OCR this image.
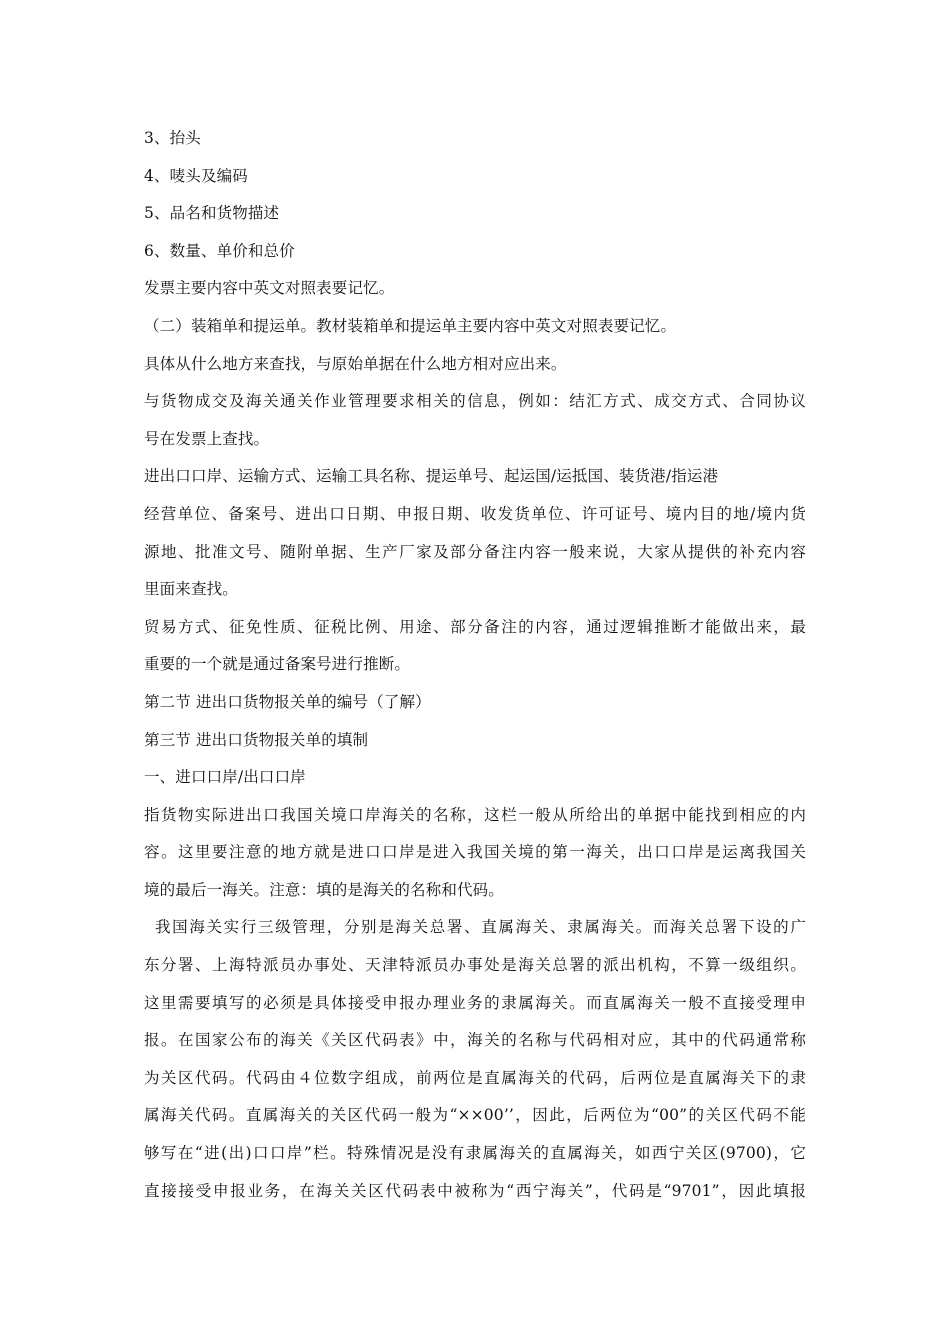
3、抬头
4、唛头及编码
5、品名和货物描述
6、数量、单价和总价
发票主要内容中英文对照表要记忆。
（二）装箱单和提运单。教材装箱单和提运单主要内容中英文对照表要记忆。
具体从什么地方来查找，与原始单据在什么地方相对应出来。
与货物成交及海关通关作业管理要求相关的信息，例如：结汇方式、成交方式、合同协议
号在发票上查找。
进出口口岸、运输方式、运输工具名称、提运单号、起运国/运抵国、装货港/指运港
经营单位、备案号、进出口日期、申报日期、收发货单位、许可证号、境内目的地/境内货
源地、批准文号、随附单据、生产厂家及部分备注内容一般来说，大家从提供的补充内容
里面来查找。
贸易方式、征免性质、征税比例、用途、部分备注的内容，通过逻辑推断才能做出来，最
重要的一个就是通过备案号进行推断。
第二节 进出口货物报关单的编号（了解）
第三节 进出口货物报关单的填制
一、进口口岸/出口口岸
指货物实际进出口我国关境口岸海关的名称，这栏一般从所给出的单据中能找到相应的内
容。这里要注意的地方就是进口口岸是进入我国关境的第一海关，出口口岸是运离我国关
境的最后一海关。注意：填的是海关的名称和代码。
我国海关实行三级管理，分别是海关总署、直属海关、隶属海关。而海关总署下设的广
东分署、上海特派员办事处、天津特派员办事处是海关总署的派出机构，不算一级组织。
这里需要填写的必须是具体接受申报办理业务的隶属海关。而直属海关一般不直接受理申
报。在国家公布的海关《关区代码表》中，海关的名称与代码相对应，其中的代码通常称
为关区代码。代码由４位数字组成，前两位是直属海关的代码，后两位是直属海关下的隶
属海关代码。直属海关的关区代码一般为“××00’’，因此，后两位为“00”的关区代码不能
够写在“进(出)口口岸”栏。特殊情况是没有隶属海关的直属海关，如西宁关区(9700)，它
直接接受申报业务，在海关关区代码表中被称为“西宁海关”，代码是“9701”，因此填报
